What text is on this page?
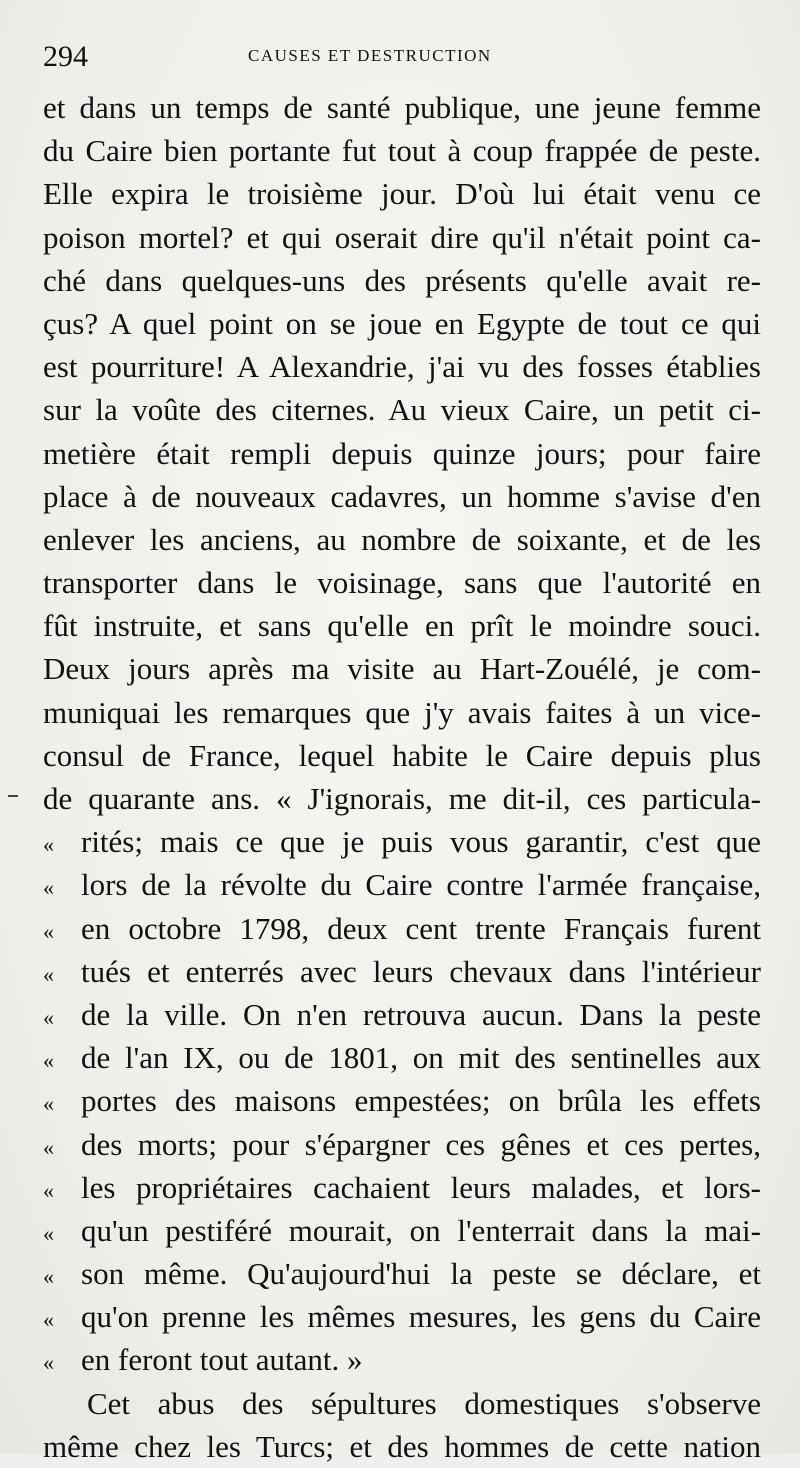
294	CAUSES ET DESTRUCTION
et dans un temps de santé publique, une jeune femme
du Caire bien portante fut tout à coup frappée de peste.
Elle expira le troisième jour. D'où lui était venu ce
poison mortel? et qui oserait dire qu'il n'était point ca-
ché dans quelques-uns des présents qu'elle avait re-
çus? A quel point on se joue en Egypte de tout ce qui
est pourriture! A Alexandrie, j'ai vu des fosses établies
sur la voûte des citernes. Au vieux Caire, un petit ci-
metière était rempli depuis quinze jours; pour faire
place à de nouveaux cadavres, un homme s'avise d'en
enlever les anciens, au nombre de soixante, et de les
transporter dans le voisinage, sans que l'autorité en
fût instruite, et sans qu'elle en prît le moindre souci.
Deux jours après ma visite au Hart-Zouélé, je com-
muniquai les remarques que j'y avais faites à un vice-
consul de France, lequel habite le Caire depuis plus
de quarante ans. « J'ignorais, me dit-il, ces particula-
« rités; mais ce que je puis vous garantir, c'est que
« lors de la révolte du Caire contre l'armée française,
« en octobre 1798, deux cent trente Français furent
« tués et enterrés avec leurs chevaux dans l'intérieur
« de la ville. On n'en retrouva aucun. Dans la peste
« de l'an IX, ou de 1801, on mit des sentinelles aux
« portes des maisons empestées; on brûla les effets
« des morts; pour s'épargner ces gênes et ces pertes,
« les propriétaires cachaient leurs malades, et lors-
« qu'un pestiféré mourait, on l'enterrait dans la mai-
« son même. Qu'aujourd'hui la peste se déclare, et
« qu'on prenne les mêmes mesures, les gens du Caire
« en feront tout autant. »
Cet abus des sépultures domestiques s'observe
même chez les Turcs; et des hommes de cette nation
